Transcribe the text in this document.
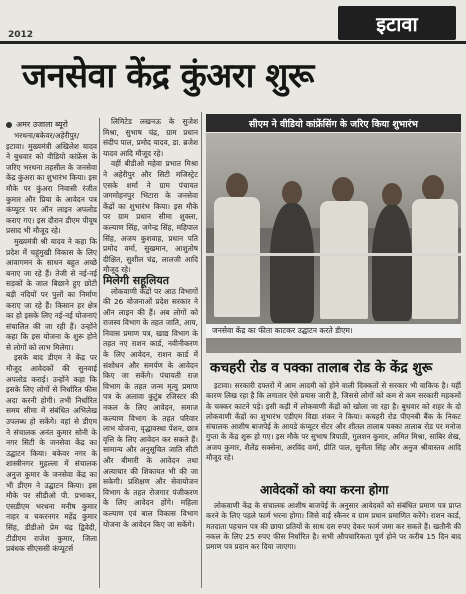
2012	इटावा
जनसेवा केंद्र कुंअरा शुरू
अमर उजाला ब्यूरो

भरथना/बकेवर/अहेरीपुर/इटावा। मुख्यमंत्री अखिलेश यादव ने बुधवार को वीडियो कांफ्रेंस के जरिए भरथना तहसील के जनसेवा केंद्र कुंअरा का शुभारंभ किया। इस मौके पर कुंअरा निवासी रंजीत कुमार और प्रिया के आवेदन पत्र कंप्यूटर पर ऑन लाइन अपलोड कराए गए। इस दौरान डीएम पीयूष प्रसाद भी मौजूद रहे।

मुख्यमंत्री श्री यादव ने कहा कि प्रदेश में चहुंमुखी विकास के लिए आवागमन के साधन बहुत अच्छे बनाए जा रहे हैं। तेजी से नई-नई सड़कों के जाल बिछाने हुए छोटी बड़ी नदियों पर पुलों का निर्माण कराए जा रहे हैं। किसान हर क्षेत्र का हो इसके लिए नई-नई योजनाएं संचालित की जा रही हैं। उन्होंने कहा कि इस योजना के शुरू होने से लोगों को लाभ मिलेगा।

इसके बाद डीएम ने केंद्र पर मौजूद आवेदकों की सुनवाई अपलोड कराई। उन्होंने कहा कि इसके लिए लोगों से निर्धारित फीस अदा करनी होगी। तभी निर्धारित समय सीमा में संबंधित अभिलेख उपलब्ध हो सकेंगे। वहां से डीएम ने संचालक अनंत कुमार सोनी के नगर सिटी के जनसेवा केंद्र का उद्घाटन किया। बकेवर नगर के शास्त्रीनगर मुहल्ला में संचालक अनुज कुमार के जनसेवा केंद्र का भी डीएम ने उद्घाटन किया। इस मौके पर सीडीओ पी. प्रभाकर, एसडीएम भरथना मनीष कुमार नाहर व चकरनगर महेंद्र कुमार सिंह, डीडीओ प्रेम चंद्र द्विवेदी, टीडीएम राजेश कुमार, जिला प्रबंधक सीएससी कंप्यूटर्स

लिमिटेड लखनऊ के सुजेश मिश्रा, सुभाष चंद्र, ग्राम प्रधान संदीप पाल, प्रमोद यादव, डा. ब्रजेश यादव आदि मौजूद रहे।

वहीं बीडीओ महेवा प्रभात मिश्रा ने अहेरीपुर और सिटी मजिस्ट्रेट एसके शर्मा ने ग्राम पंचायत जगमोहनपुर भिटारा के जनसेवा केंद्रों का शुभारंभ किया। इस मौके पर ग्राम प्रधान सीमा शुक्ला, कल्याण सिंह, जगेन्द्र सिंह, महिपाल सिंह, अजय कुशवाह, प्रधान पति प्रमोद वर्मा, सुखमान, आशुतोष दीक्षित, सुशील चंद्र, लालजी आदि मौजूद रहे।

मिलेगी सहूलियत

लोकवाणी केंद्रों पर आठ विभागों की 26 योजनाओं प्रदेश सरकार ने ऑन लाइन की हैं। अब लोगों को राजस्व विभाग के तहत जाति, आय, निवास प्रमाण पत्र, खाद्य विभाग के तहत नए राशन कार्ड, नवीनीकरण के लिए आवेदन, राशन कार्ड में संशोधन और समर्पण के आवेदन किए जा सकेंगे। पंचायती राज विभाग के तहत जन्म मृत्यु प्रमाण पत्र के अलावा कुटुंब रजिस्टर की नकल के लिए आवेदन, समाज कल्याण विभाग के तहत परिवार लाभ योजना, वृद्धावस्था पेंशन, छात्र वृत्ति के लिए आवेदन कर सकते हैं। सामान्य और अनुसूचित जाति सीटी और बीमारी के आवेदन तथा अत्याचार की शिकायत भी की जा सकेगी। प्रशिक्षण और सेवायोजन विभाग के तहत रोजगार पंजीकरण के लिए आवेदन होंगे। महिला कल्याण एवं बाल विकास विभाग योजना के आवेदन किए जा सकेंगे।

सीएम ने वीडियो कांफ्रेंसिंग के जरिए किया शुभारंभ
जनसेवा केंद्र का फीता काटकर उद्घाटन करते डीएम।
कचहरी रोड व पक्का तालाब रोड के केंद्र शुरू

इटावा। सरकारी दफ्तरों में आम आदमी को होने वाली दिक्कतों से सरकार भी वाकिफ है। यहीं कारण लिख रहा है कि लगातार ऐसे प्रयास जारी है, जिससे लोगों को कम से कम सरकारी महकमों के चक्कर काटने पड़े। इसी कड़ी में लोकवाणी केंद्रों को खोला जा रहा है। बुधवार को शहर के दो लोकवाणी केंद्रों का शुभारंभ एडीएम विद्या शंकर ने किया। कचहरी रोड पीएनबी बैंक के निकट संचालक आशीष बाजपेई के आयडे कंप्यूटर सेंटर और शीतल तालाब पक्का तालाब रोड पर मनोज गुप्ता के केंद्र शुरू हो गए। इस मौके पर सुभाष त्रिपाठी, गुलशन कुमार, अमित मिश्रा, साबिर शेख, अजय कुमार, शैलेंद्र सक्सेना, अरविंद वर्मा, प्रीति पाल, सुनीता सिंह और अनुज श्रीवास्तव आदि मौजूद रहे।

आवेदकों को क्या करना होगा

लोकवाणी केंद्र के संचालक आशीष बाजपेई के अनुसार आवेदकों को संबंधित प्रमाण पत्र प्राप्त करने के लिए पहले फार्म भरना होगा। जिसे वाई स्कैनर व ग्राम प्रधान प्रमाणित करेंगे। राशन कार्ड, मतदाता पहचान पत्र की छाया प्रतियों के साथ दस रुपए देकर फार्म जमा कर सकते हैं। खतौनी की नकल के लिए 25 रुपए फीस निर्धारित है। सभी औपचारिकता पूर्ण होने पर करीब 15 दिन बाद प्रमाण पत्र प्रदान कर दिया जाएगा।
